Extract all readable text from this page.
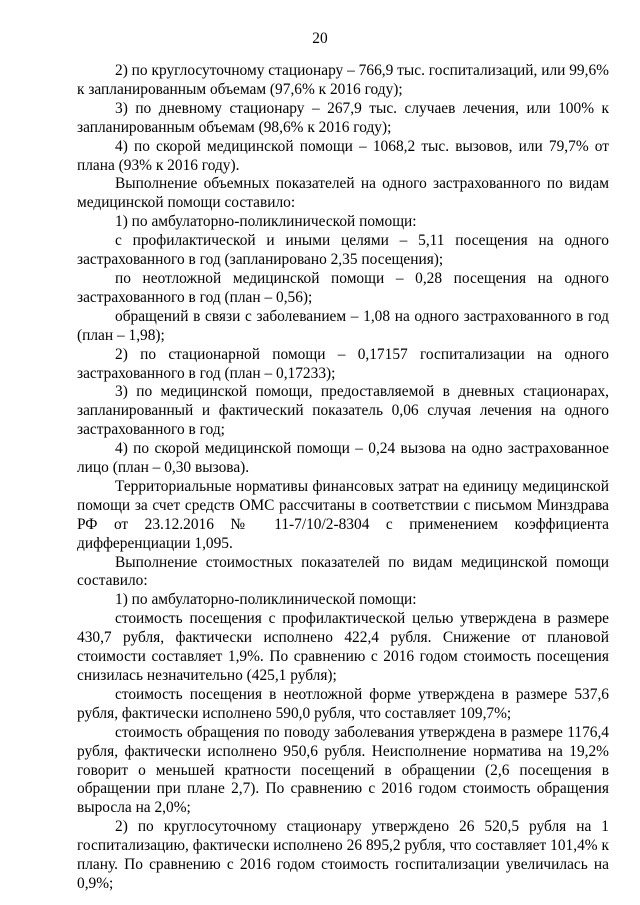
20

2) по круглосуточному стационару – 766,9 тыс. госпитализаций, или 99,6% к запланированным объемам (97,6% к 2016 году);

3) по дневному стационару – 267,9 тыс. случаев лечения, или 100% к запланированным объемам (98,6% к 2016 году);

4) по скорой медицинской помощи – 1068,2 тыс. вызовов, или 79,7% от плана (93% к 2016 году).

Выполнение объемных показателей на одного застрахованного по видам медицинской помощи составило:

1) по амбулаторно-поликлинической помощи:

с профилактической и иными целями – 5,11 посещения на одного застрахованного в год (запланировано 2,35 посещения);

по неотложной медицинской помощи – 0,28 посещения на одного застрахованного в год (план – 0,56);

обращений в связи с заболеванием – 1,08 на одного застрахованного в год (план – 1,98);

2) по стационарной помощи – 0,17157 госпитализации на одного застрахованного в год (план – 0,17233);

3) по медицинской помощи, предоставляемой в дневных стационарах, запланированный и фактический показатель 0,06 случая лечения на одного застрахованного в год;

4) по скорой медицинской помощи – 0,24 вызова на одно застрахованное лицо (план – 0,30 вызова).

Территориальные нормативы финансовых затрат на единицу медицинской помощи за счет средств ОМС рассчитаны в соответствии с письмом Минздрава РФ от 23.12.2016 № 11-7/10/2-8304 с применением коэффициента дифференциации 1,095.

Выполнение стоимостных показателей по видам медицинской помощи составило:

1) по амбулаторно-поликлинической помощи:

стоимость посещения с профилактической целью утверждена в размере 430,7 рубля, фактически исполнено 422,4 рубля. Снижение от плановой стоимости составляет 1,9%. По сравнению с 2016 годом стоимость посещения снизилась незначительно (425,1 рубля);

стоимость посещения в неотложной форме утверждена в размере 537,6 рубля, фактически исполнено 590,0 рубля, что составляет 109,7%;

стоимость обращения по поводу заболевания утверждена в размере 1176,4 рубля, фактически исполнено 950,6 рубля. Неисполнение норматива на 19,2% говорит о меньшей кратности посещений в обращении (2,6 посещения в обращении при плане 2,7). По сравнению с 2016 годом стоимость обращения выросла на 2,0%;

2) по круглосуточному стационару утверждено 26 520,5 рубля на 1 госпитализацию, фактически исполнено 26 895,2 рубля, что составляет 101,4% к плану. По сравнению с 2016 годом стоимость госпитализации увеличилась на 0,9%;
